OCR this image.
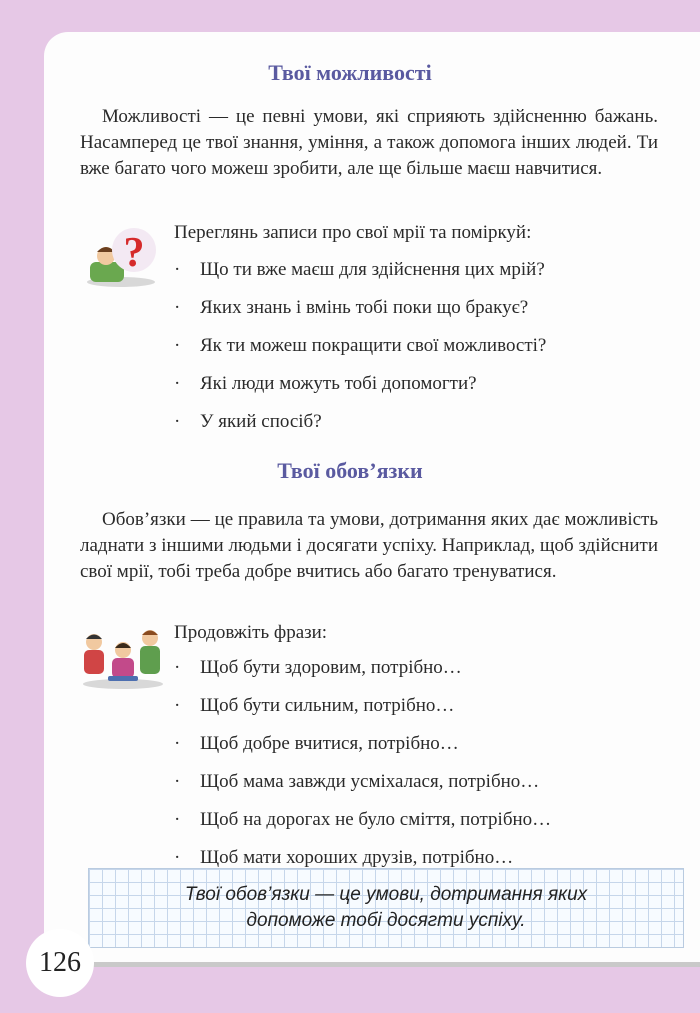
Твої можливості

Можливості — це певні умови, які сприяють здійсненню бажань. Насамперед це твої знання, уміння, а також допомога інших людей. Ти вже багато чого можеш зробити, але ще більше маєш навчитися.

? Переглянь записи про свої мрії та поміркуй:
· Що ти вже маєш для здійснення цих мрій?
· Яких знань і вмінь тобі поки що бракує?
· Як ти можеш покращити свої можливості?
· Які люди можуть тобі допомогти?
· У який спосіб?
Твої обов’язки

Обов’язки — це правила та умови, дотримання яких дає можливість ладнати з іншими людьми і досягати успіху. Наприклад, щоб здійснити свої мрії, тобі треба добре вчитись або багато тренуватися.

Продовжіть фрази:
· Щоб бути здоровим, потрібно…
· Щоб бути сильним, потрібно…
· Щоб добре вчитися, потрібно…
· Щоб мама завжди усміхалася, потрібно…
· Щоб на дорогах не було сміття, потрібно…
· Щоб мати хороших друзів, потрібно…
Твої обов’язки — це умови, дотримання яких
допоможе тобі досягти успіху.
126
